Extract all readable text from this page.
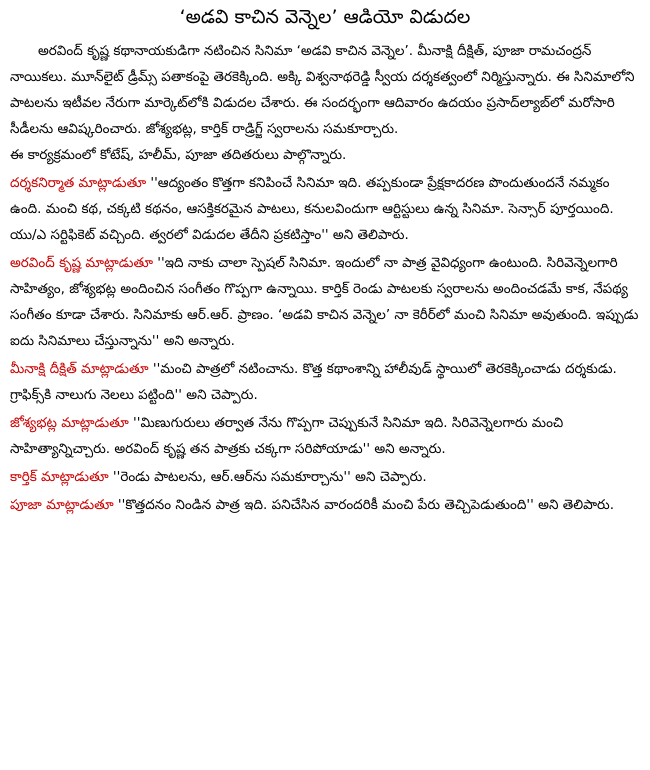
‘అడవి కాచిన వెన్నెల’ ఆడియో విడుదల

అరవింద్ కృష్ణ కథానాయకుడిగా నటించిన సినిమా ‘అడవి కాచిన వెన్నెల’. మీనాక్షి దీక్షిత్, పూజా రామచంద్రన్ నాయికలు. మూన్‌లైట్ డ్రీమ్స్ పతాకంపై తెరకెక్కింది. అక్కి విశ్వనాథరెడ్డి స్వీయ దర్శకత్వంలో నిర్మిస్తున్నారు. ఈ సినిమాలోని పాటలను ఇటీవల నేరుగా మార్కెట్‌లోకి విడుదల చేశారు. ఈ సందర్భంగా ఆదివారం ఉదయం ప్రసాద్‌ల్యాబ్‌లో మరోసారి సీడీలను ఆవిష్కరించారు. జోశ్యభట్ల, కార్తిక్ రాడ్రిగ్జ్ స్వరాలను సమకూర్చారు.

ఈ కార్యక్రమంలో కోటేష్, హలీమ్, పూజా తదితరులు పాల్గొన్నారు.

దర్శకనిర్మాత మాట్లాడుతూ ''ఆద్యంతం కొత్తగా కనిపించే సినిమా ఇది. తప్పకుండా ప్రేక్షకాదరణ పొందుతుందనే నమ్మకం ఉంది. మంచి కథ, చక్కటి కథనం, ఆసక్తికరమైన పాటలు, కనులవిందుగా ఆర్టిస్టులు ఉన్న సినిమా. సెన్సార్ పూర్తయింది. యు/ఎ సర్టిఫికెట్ వచ్చింది. త్వరలో విడుదల తేదీని ప్రకటిస్తాం'' అని తెలిపారు.

అరవింద్ కృష్ణ మాట్లాడుతూ ''ఇది నాకు చాలా స్పెషల్ సినిమా. ఇందులో నా పాత్ర వైవిధ్యంగా ఉంటుంది. సిరివెన్నెలగారి సాహిత్యం, జోశ్యభట్ల అందించిన సంగీతం గొప్పగా ఉన్నాయి. కార్తిక్ రెండు పాటలకు స్వరాలను అందించడమే కాక, నేపథ్య సంగీతం కూడా చేశారు. సినిమాకు ఆర్.ఆర్. ప్రాణం. ‘అడవి కాచిన వెన్నెల’ నా కెరీర్‌లో మంచి సినిమా అవుతుంది. ఇప్పుడు ఐదు సినిమాలు చేస్తున్నాను'' అని అన్నారు.

మీనాక్షి దీక్షిత్ మాట్లాడుతూ ''మంచి పాత్రలో నటించాను. కొత్త కథాంశాన్ని హాలీవుడ్ స్థాయిలో తెరకెక్కించాడు దర్శకుడు. గ్రాఫిక్స్‌కి నాలుగు నెలలు పట్టింది'' అని చెప్పారు.

జోశ్యభట్ల మాట్లాడుతూ ''మిణుగురులు తర్వాత నేను గొప్పగా చెప్పుకునే సినిమా ఇది. సిరివెన్నెలగారు మంచి సాహిత్యాన్నిచ్చారు. అరవింద్ కృష్ణ తన పాత్రకు చక్కగా సరిపోయాడు'' అని అన్నారు.

కార్తిక్ మాట్లాడుతూ ''రెండు పాటలను, ఆర్.ఆర్‌ను సమకూర్చాను'' అని చెప్పారు.

పూజా మాట్లాడుతూ ''కొత్తదనం నిండిన పాత్ర ఇది. పనిచేసిన వారందరికీ మంచి పేరు తెచ్చిపెడుతుంది'' అని తెలిపారు.
